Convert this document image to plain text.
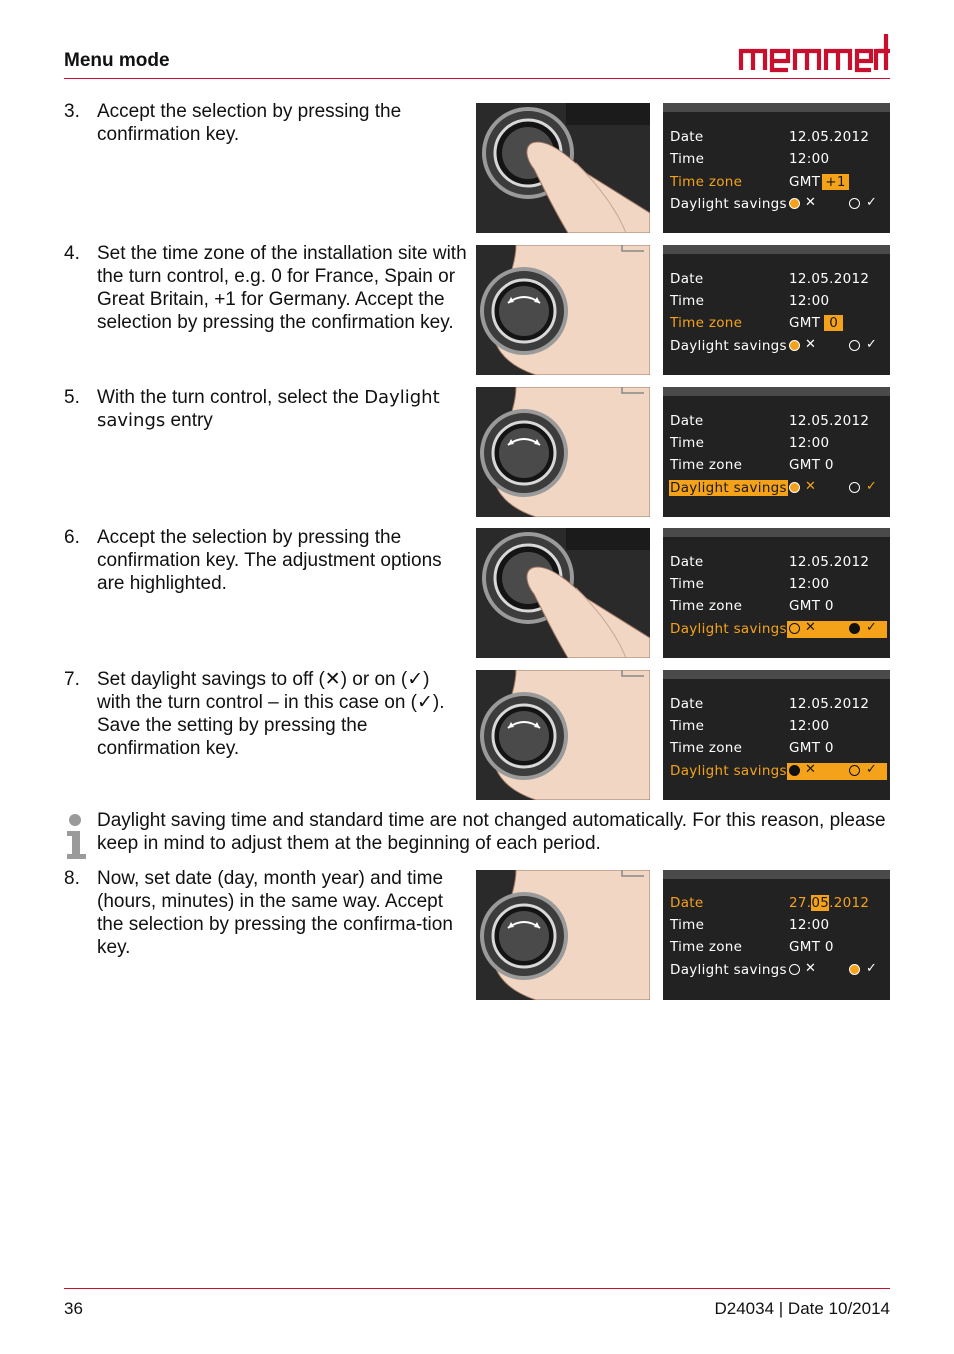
Menu mode
3. Accept the selection by pressing the confirmation key.
4. Set the time zone of the installation site with the turn control, e.g. 0 for France, Spain or Great Britain, +1 for Germany. Accept the selection by pressing the confirmation key.
5. With the turn control, select the Daylight savings entry
6. Accept the selection by pressing the confirmation key. The adjustment options are highlighted.
7. Set daylight savings to off (✕) or on (✓) with the turn control – in this case on (✓). Save the setting by pressing the confirmation key.
Daylight saving time and standard time are not changed automatically. For this reason, please keep in mind to adjust them at the beginning of each period.
8. Now, set date (day, month year) and time (hours, minutes) in the same way. Accept the selection by pressing the confirma-tion key.
Date	12.05.2012
Time	12:00
Time zone	GMT +1
Daylight savings ✕	✓
Date	12.05.2012
Time	12:00
Time zone	GMT 0
Daylight savings ✕	✓
Date	12.05.2012
Time	12:00
Time zone	GMT 0
Daylight savings ✕	✓
Date	12.05.2012
Time	12:00
Time zone	GMT 0
Daylight savings ✕	✓
Date	12.05.2012
Time	12:00
Time zone	GMT 0
Daylight savings ✕	✓
Date	27.05.2012
Time	12:00
Time zone	GMT 0
Daylight savings ✕	✓
36	D24034 | Date 10/2014
